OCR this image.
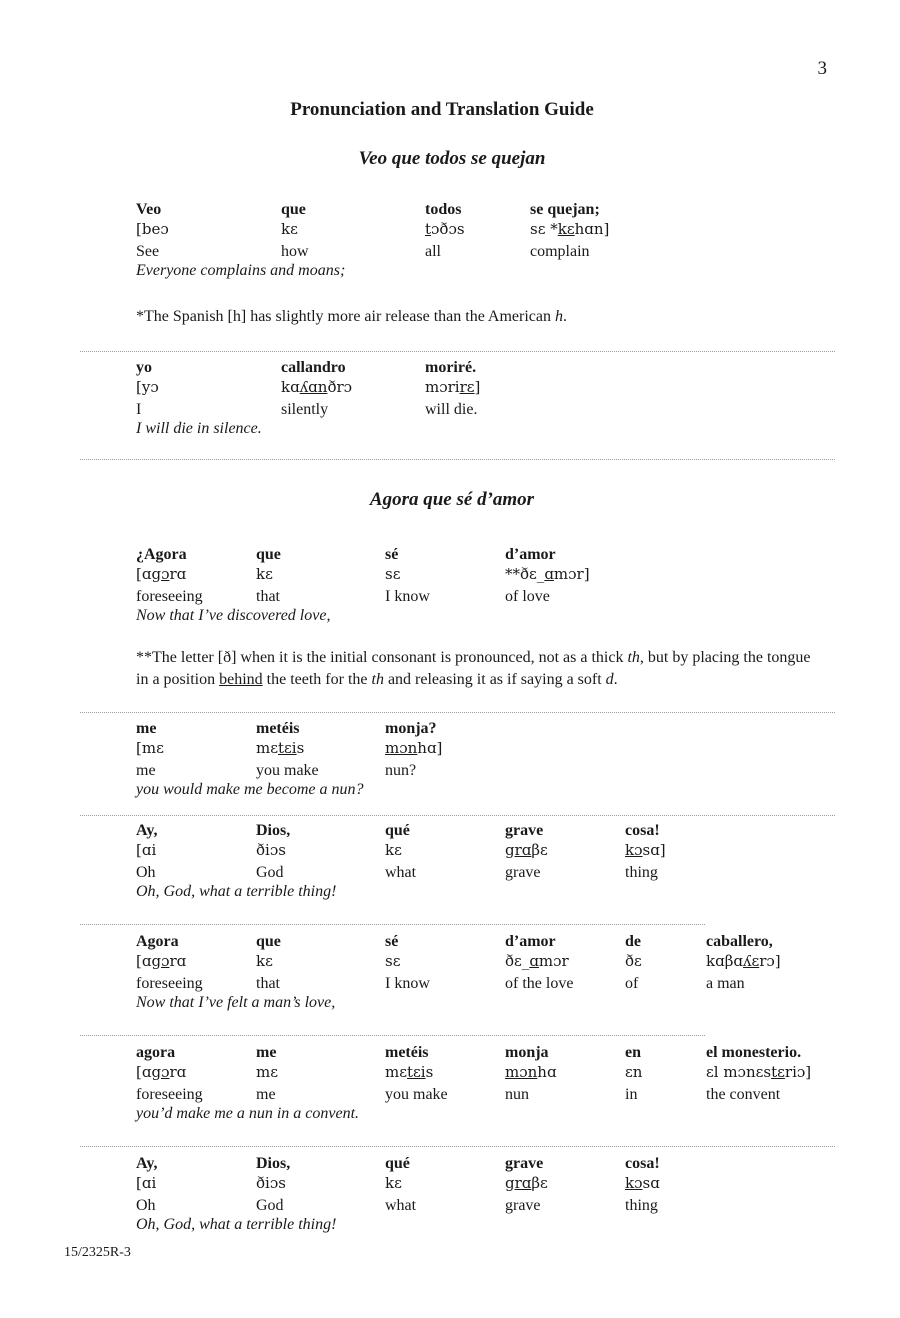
3
Pronunciation and Translation Guide
Veo que todos se quejan
Veo	que	todos	se quejan;
[beɔ	kɛ	tɔðɔs	sɛ *kɛhɑn]
See	how	all	complain
Everyone complains and moans;
*The Spanish [h] has slightly more air release than the American h.
yo	callandro	moriré.
[yɔ	kɑʎɑnðrɔ	mɔrirɛ]
I	silently	will die.
I will die in silence.
Agora que sé d’amor
¿Agora	que	sé	d’amor
[ɑgɔrɑ	kɛ	sɛ	**ðɛ_ɑmɔr]
foreseeing	that	I know	of love
Now that I’ve discovered love,
**The letter [ð] when it is the initial consonant is pronounced, not as a thick th, but by placing the tongue in a position behind the teeth for the th and releasing it as if saying a soft d.
me	metéis	monja?
[mɛ	mɛtɛis	mɔnhɑ]
me	you make	nun?
you would make me become a nun?
Ay,	Dios,	qué	grave	cosa!
[ɑi	ðiɔs	kɛ	grɑβɛ	kɔsɑ]
Oh	God	what	grave	thing
Oh, God, what a terrible thing!
Agora	que	sé	d’amor	de	caballero,
[ɑgɔrɑ	kɛ	sɛ	ðɛ_ɑmɔr	ðɛ	kɑβɑʎɛrɔ]
foreseeing	that	I know	of the love	of	a man
Now that I’ve felt a man’s love,
agora	me	metéis	monja	en	el monesterio.
[ɑgɔrɑ	mɛ	mɛtɛis	mɔnhɑ	ɛn	ɛl mɔnɛstɛriɔ]
foreseeing	me	you make	nun	in	the convent
you’d make me a nun in a convent.
Ay,	Dios,	qué	grave	cosa!
[ɑi	ðiɔs	kɛ	grɑβɛ	kɔsɑ
Oh	God	what	grave	thing
Oh, God, what a terrible thing!
15/2325R-3
